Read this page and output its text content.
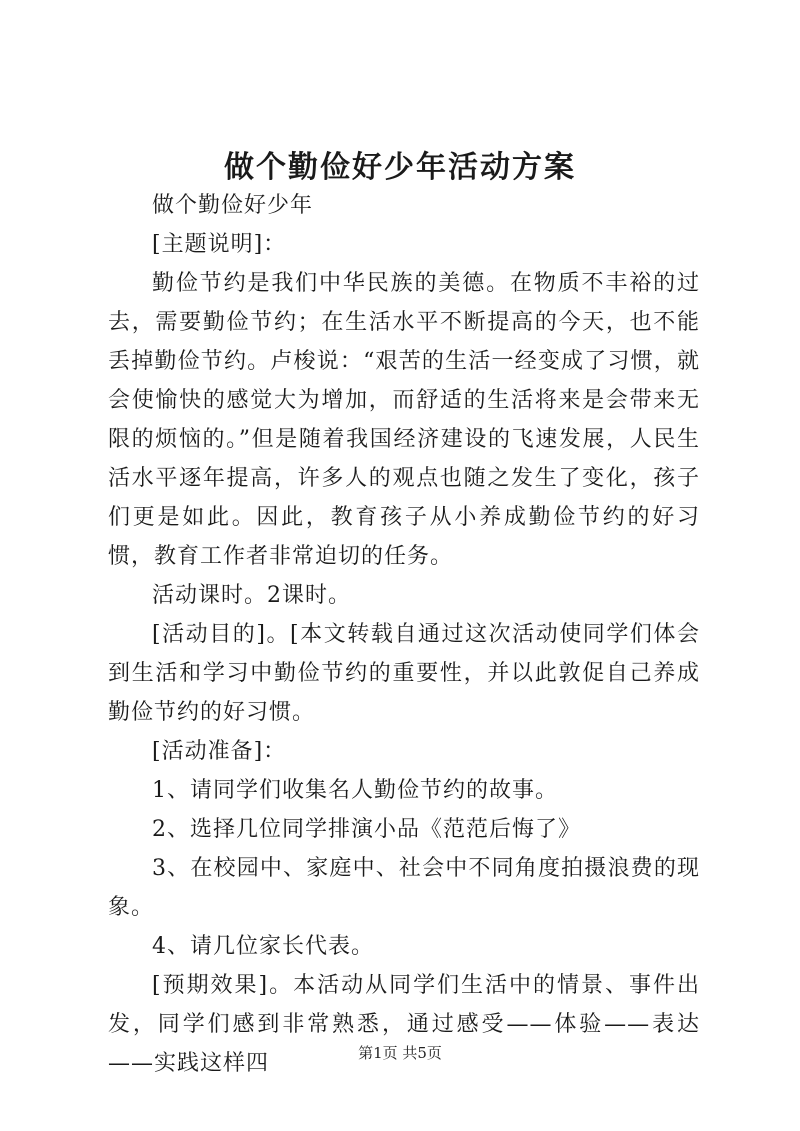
做个勤俭好少年活动方案

做个勤俭好少年

[主题说明]：

勤俭节约是我们中华民族的美德。在物质不丰裕的过去，需要勤俭节约；在生活水平不断提高的今天，也不能丢掉勤俭节约。卢梭说：“艰苦的生活一经变成了习惯，就会使愉快的感觉大为增加，而舒适的生活将来是会带来无限的烦恼的。”但是随着我国经济建设的飞速发展，人民生活水平逐年提高，许多人的观点也随之发生了变化，孩子们更是如此。因此，教育孩子从小养成勤俭节约的好习惯，教育工作者非常迫切的任务。

活动课时。2课时。

[活动目的]。[本文转载自通过这次活动使同学们体会到生活和学习中勤俭节约的重要性，并以此敦促自己养成勤俭节约的好习惯。

[活动准备]：

1、请同学们收集名人勤俭节约的故事。

2、选择几位同学排演小品《范范后悔了》

3、在校园中、家庭中、社会中不同角度拍摄浪费的现象。

4、请几位家长代表。

[预期效果]。本活动从同学们生活中的情景、事件出发，同学们感到非常熟悉，通过感受——体验——表达——实践这样四	第1页 共5页
